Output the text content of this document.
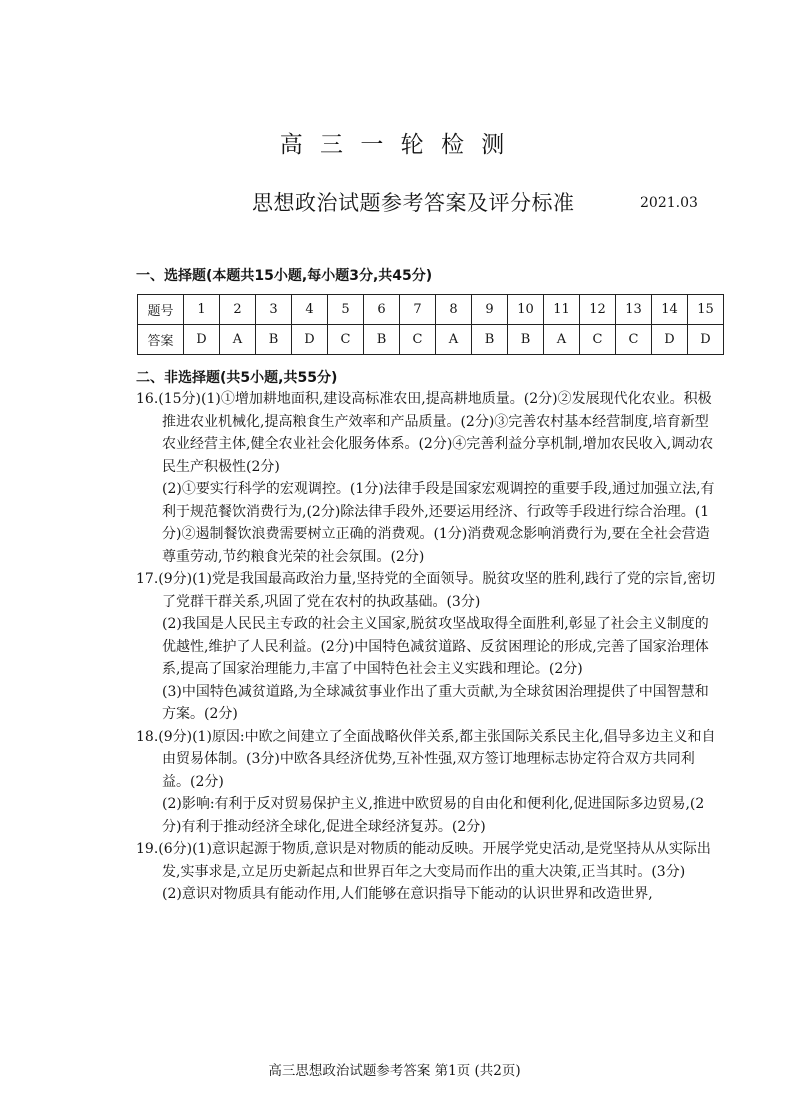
高 三 一 轮 检 测
思想政治试题参考答案及评分标准	2021.03
一、选择题(本题共15小题,每小题3分,共45分)
题号	1	2	3	4	5	6	7	8	9	10	11	12	13	14	15
答案	D	A	B	D	C	B	C	A	B	B	A	C	C	D	D
二、非选择题(共5小题,共55分)

16.(15分)(1)①增加耕地面积,建设高标准农田,提高耕地质量。(2分)②发展现代化农业。积极推进农业机械化,提高粮食生产效率和产品质量。(2分)③完善农村基本经营制度,培育新型农业经营主体,健全农业社会化服务体系。(2分)④完善利益分享机制,增加农民收入,调动农民生产积极性(2分)

(2)①要实行科学的宏观调控。(1分)法律手段是国家宏观调控的重要手段,通过加强立法,有利于规范餐饮消费行为,(2分)除法律手段外,还要运用经济、行政等手段进行综合治理。(1分)②遏制餐饮浪费需要树立正确的消费观。(1分)消费观念影响消费行为,要在全社会营造尊重劳动,节约粮食光荣的社会氛围。(2分)

17.(9分)(1)党是我国最高政治力量,坚持党的全面领导。脱贫攻坚的胜利,践行了党的宗旨,密切了党群干群关系,巩固了党在农村的执政基础。(3分)

(2)我国是人民民主专政的社会主义国家,脱贫攻坚战取得全面胜利,彰显了社会主义制度的优越性,维护了人民利益。(2分)中国特色减贫道路、反贫困理论的形成,完善了国家治理体系,提高了国家治理能力,丰富了中国特色社会主义实践和理论。(2分)

(3)中国特色减贫道路,为全球减贫事业作出了重大贡献,为全球贫困治理提供了中国智慧和方案。(2分)

18.(9分)(1)原因:中欧之间建立了全面战略伙伴关系,都主张国际关系民主化,倡导多边主义和自由贸易体制。(3分)中欧各具经济优势,互补性强,双方签订地理标志协定符合双方共同利益。(2分)

(2)影响:有利于反对贸易保护主义,推进中欧贸易的自由化和便利化,促进国际多边贸易,(2分)有利于推动经济全球化,促进全球经济复苏。(2分)

19.(6分)(1)意识起源于物质,意识是对物质的能动反映。开展学党史活动,是党坚持从从实际出发,实事求是,立足历史新起点和世界百年之大变局而作出的重大决策,正当其时。(3分)

(2)意识对物质具有能动作用,人们能够在意识指导下能动的认识世界和改造世界,

高三思想政治试题参考答案 第1页 (共2页)
